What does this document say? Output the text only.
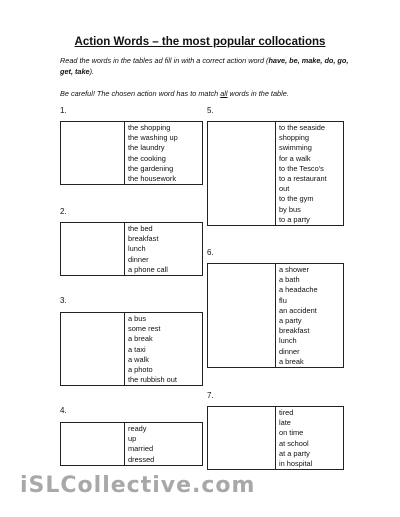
Action Words – the most popular collocations
Read the words in the tables ad fill in with a correct action word (have, be, make, do, go, get, take).
Be careful! The chosen action word has to match all words in the table.
1.
the shopping
the washing up
the laundry
the cooking
the gardening
the housework
2.
the bed
breakfast
lunch
dinner
a phone call
3.
a bus
some rest
a break
a taxi
a walk
a photo
the rubbish out
4.
ready
up
married
dressed
5.
to the seaside
shopping
swimming
for a walk
to the Tesco's
to a restaurant
out
to the gym
by bus
to a party
6.
a shower
a bath
a headache
flu
an accident
a party
breakfast
lunch
dinner
a break
7.
tired
late
on time
at school
at a party
in hospital
iSLCollective.com
